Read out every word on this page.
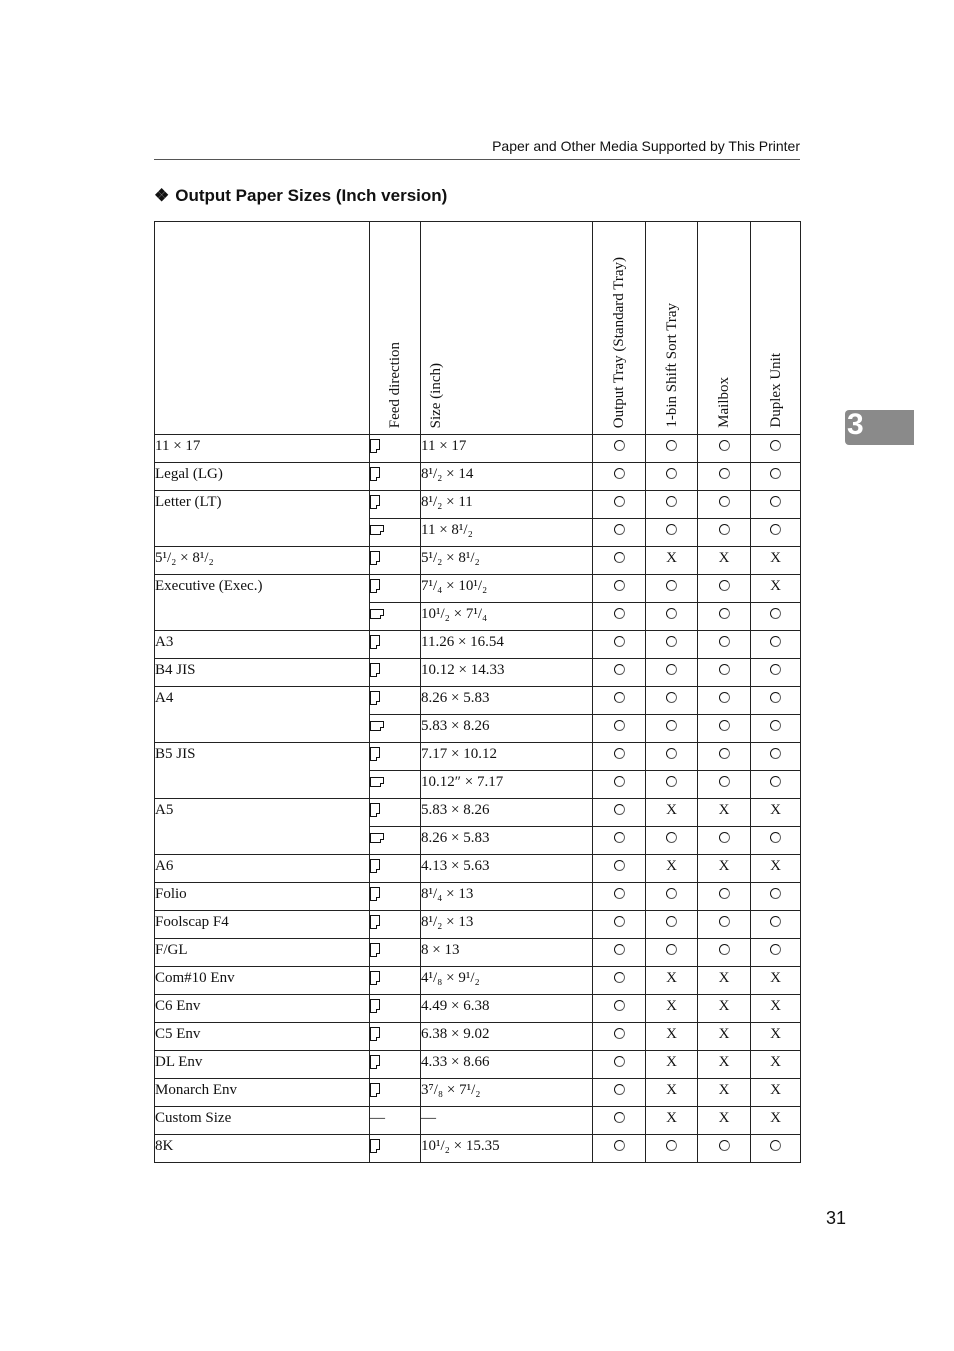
Paper and Other Media Supported by This Printer
❖ Output Paper Sizes (Inch version)
3

	Feed direction	Size (inch)	Output Tray (Standard Tray)	1-bin Shift Sort Tray	Mailbox	Duplex Unit

11 × 17		11 × 17				
Legal (LG)		8¹/₂ × 14				
Letter (LT)		8¹/₂ × 11				
		11 × 8¹/₂				
5¹/₂ × 8¹/₂		5¹/₂ × 8¹/₂		X	X	X
Executive (Exec.)		7¹/₄ × 10¹/₂				X
		10¹/₂ × 7¹/₄				
A3		11.26 × 16.54				
B4 JIS		10.12 × 14.33				
A4		8.26 × 5.83				
		5.83 × 8.26				
B5 JIS		7.17 × 10.12				
		10.12″ × 7.17				
A5		5.83 × 8.26		X	X	X
		8.26 × 5.83				
A6		4.13 × 5.63		X	X	X
Folio		8¹/₄ × 13				
Foolscap F4		8¹/₂ × 13				
F/GL		8 × 13				
Com#10 Env		4¹/₈ × 9¹/₂		X	X	X
C6 Env		4.49 × 6.38		X	X	X
C5 Env		6.38 × 9.02		X	X	X
DL Env		4.33 × 8.66		X	X	X
Monarch Env		3⁷/₈ × 7¹/₂		X	X	X
Custom Size	—	—		X	X	X
8K		10¹/₂ × 15.35				
31
